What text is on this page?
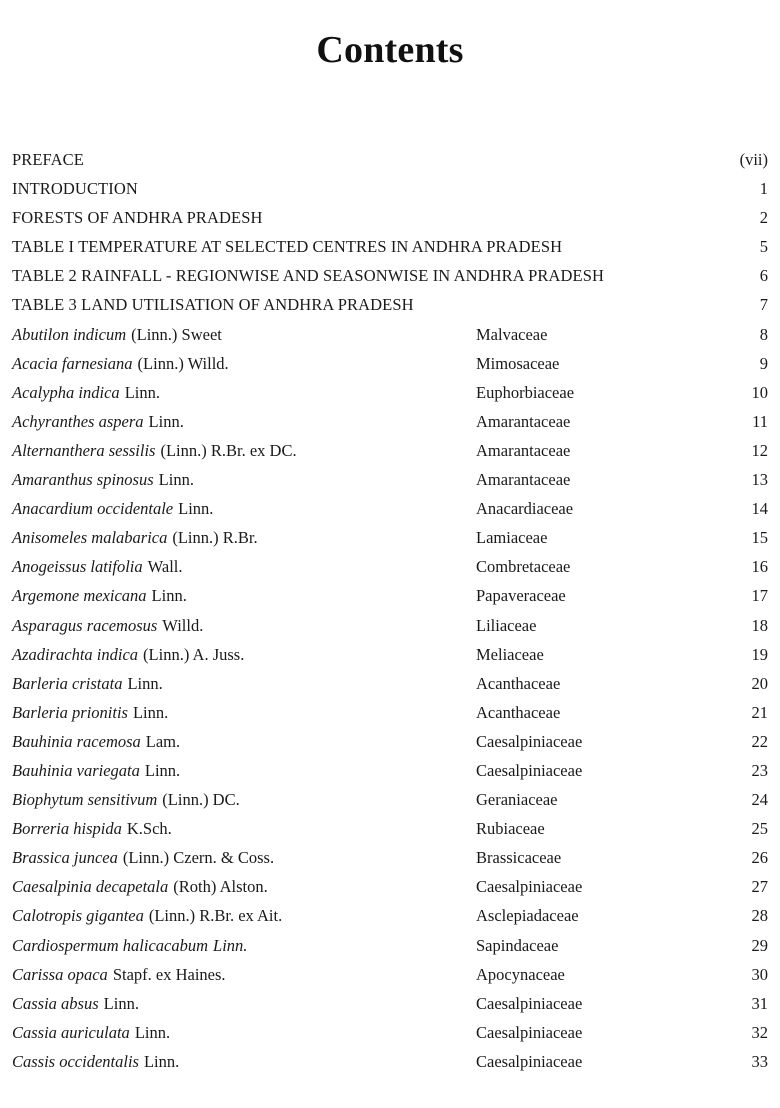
Contents
PREFACE	(vii)
INTRODUCTION	1
FORESTS OF ANDHRA PRADESH	2
TABLE I TEMPERATURE AT SELECTED CENTRES IN ANDHRA PRADESH	5
TABLE 2 RAINFALL - REGIONWISE AND SEASONWISE IN ANDHRA PRADESH	6
TABLE 3 LAND UTILISATION OF ANDHRA PRADESH	7
Abutilon indicum (Linn.) Sweet	Malvaceae	8
Acacia farnesiana (Linn.) Willd.	Mimosaceae	9
Acalypha indica Linn.	Euphorbiaceae	10
Achyranthes aspera Linn.	Amarantaceae	11
Alternanthera sessilis (Linn.) R.Br. ex DC.	Amarantaceae	12
Amaranthus spinosus Linn.	Amarantaceae	13
Anacardium occidentale Linn.	Anacardiaceae	14
Anisomeles malabarica (Linn.) R.Br.	Lamiaceae	15
Anogeissus latifolia Wall.	Combretaceae	16
Argemone mexicana Linn.	Papaveraceae	17
Asparagus racemosus Willd.	Liliaceae	18
Azadirachta indica (Linn.) A. Juss.	Meliaceae	19
Barleria cristata Linn.	Acanthaceae	20
Barleria prionitis Linn.	Acanthaceae	21
Bauhinia racemosa Lam.	Caesalpiniaceae	22
Bauhinia variegata Linn.	Caesalpiniaceae	23
Biophytum sensitivum (Linn.) DC.	Geraniaceae	24
Borreria hispida K.Sch.	Rubiaceae	25
Brassica juncea (Linn.) Czern. & Coss.	Brassicaceae	26
Caesalpinia decapetala (Roth) Alston.	Caesalpiniaceae	27
Calotropis gigantea (Linn.) R.Br. ex Ait.	Asclepiadaceae	28
Cardiospermum halicacabum Linn.	Sapindaceae	29
Carissa opaca Stapf. ex Haines.	Apocynaceae	30
Cassia absus Linn.	Caesalpiniaceae	31
Cassia auriculata Linn.	Caesalpiniaceae	32
Cassis occidentalis Linn.	Caesalpiniaceae	33
